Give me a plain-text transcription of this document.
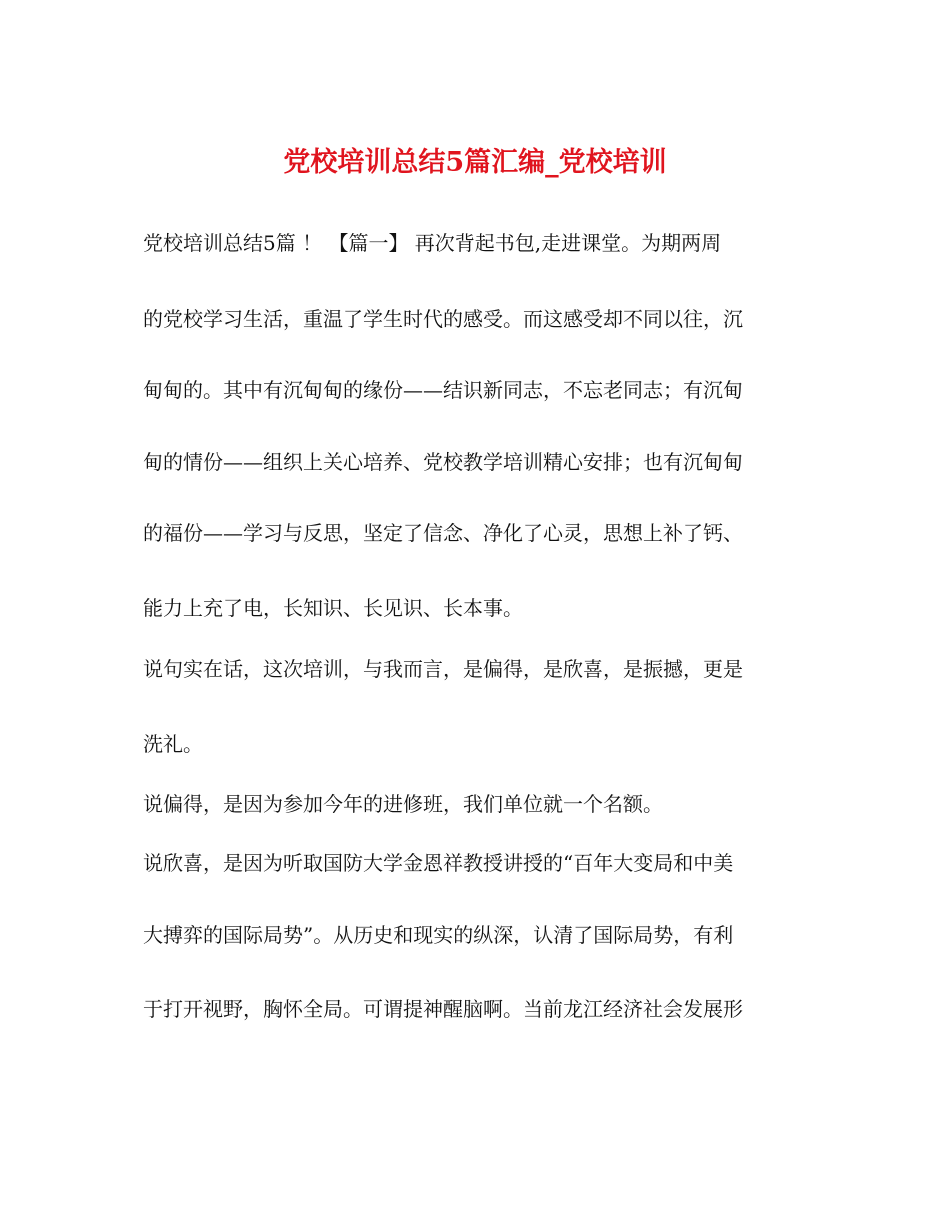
党校培训总结5篇汇编_党校培训
党校培训总结5篇 ！ 【篇一】 再次背起书包,走进课堂。为期两周
的党校学习生活，重温了学生时代的感受。而这感受却不同以往，沉
甸甸的。其中有沉甸甸的缘份——结识新同志，不忘老同志；有沉甸
甸的情份——组织上关心培养、党校教学培训精心安排；也有沉甸甸
的福份——学习与反思，坚定了信念、净化了心灵，思想上补了钙、
能力上充了电，长知识、长见识、长本事。
说句实在话，这次培训，与我而言，是偏得，是欣喜，是振撼，更是
洗礼。
说偏得，是因为参加今年的进修班，我们单位就一个名额。
说欣喜，是因为听取国防大学金恩祥教授讲授的“百年大变局和中美
大搏弈的国际局势”。从历史和现实的纵深，认清了国际局势，有利
于打开视野，胸怀全局。可谓提神醒脑啊。当前龙江经济社会发展形
